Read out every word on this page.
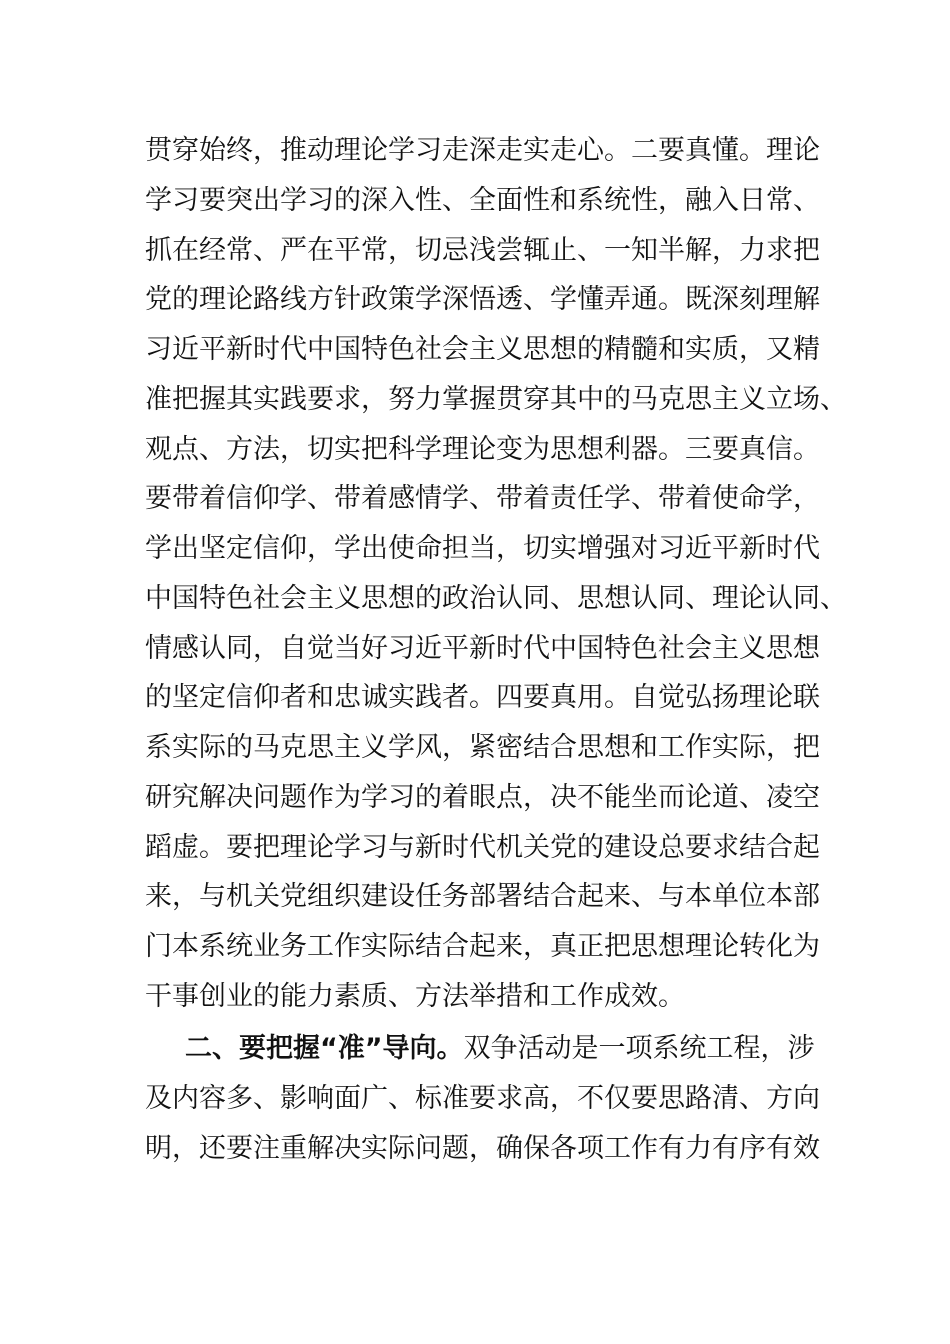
贯穿始终，推动理论学习走深走实走心。二要真懂。理论
学习要突出学习的深入性、全面性和系统性，融入日常、
抓在经常、严在平常，切忌浅尝辄止、一知半解，力求把
党的理论路线方针政策学深悟透、学懂弄通。既深刻理解
习近平新时代中国特色社会主义思想的精髓和实质，又精
准把握其实践要求，努力掌握贯穿其中的马克思主义立场、
观点、方法，切实把科学理论变为思想利器。三要真信。
要带着信仰学、带着感情学、带着责任学、带着使命学，
学出坚定信仰，学出使命担当，切实增强对习近平新时代
中国特色社会主义思想的政治认同、思想认同、理论认同、
情感认同，自觉当好习近平新时代中国特色社会主义思想
的坚定信仰者和忠诚实践者。四要真用。自觉弘扬理论联
系实际的马克思主义学风，紧密结合思想和工作实际，把
研究解决问题作为学习的着眼点，决不能坐而论道、凌空
蹈虚。要把理论学习与新时代机关党的建设总要求结合起
来，与机关党组织建设任务部署结合起来、与本单位本部
门本系统业务工作实际结合起来，真正把思想理论转化为
干事创业的能力素质、方法举措和工作成效。
二、要把握“准”导向。双争活动是一项系统工程，涉
及内容多、影响面广、标准要求高，不仅要思路清、方向
明，还要注重解决实际问题，确保各项工作有力有序有效
